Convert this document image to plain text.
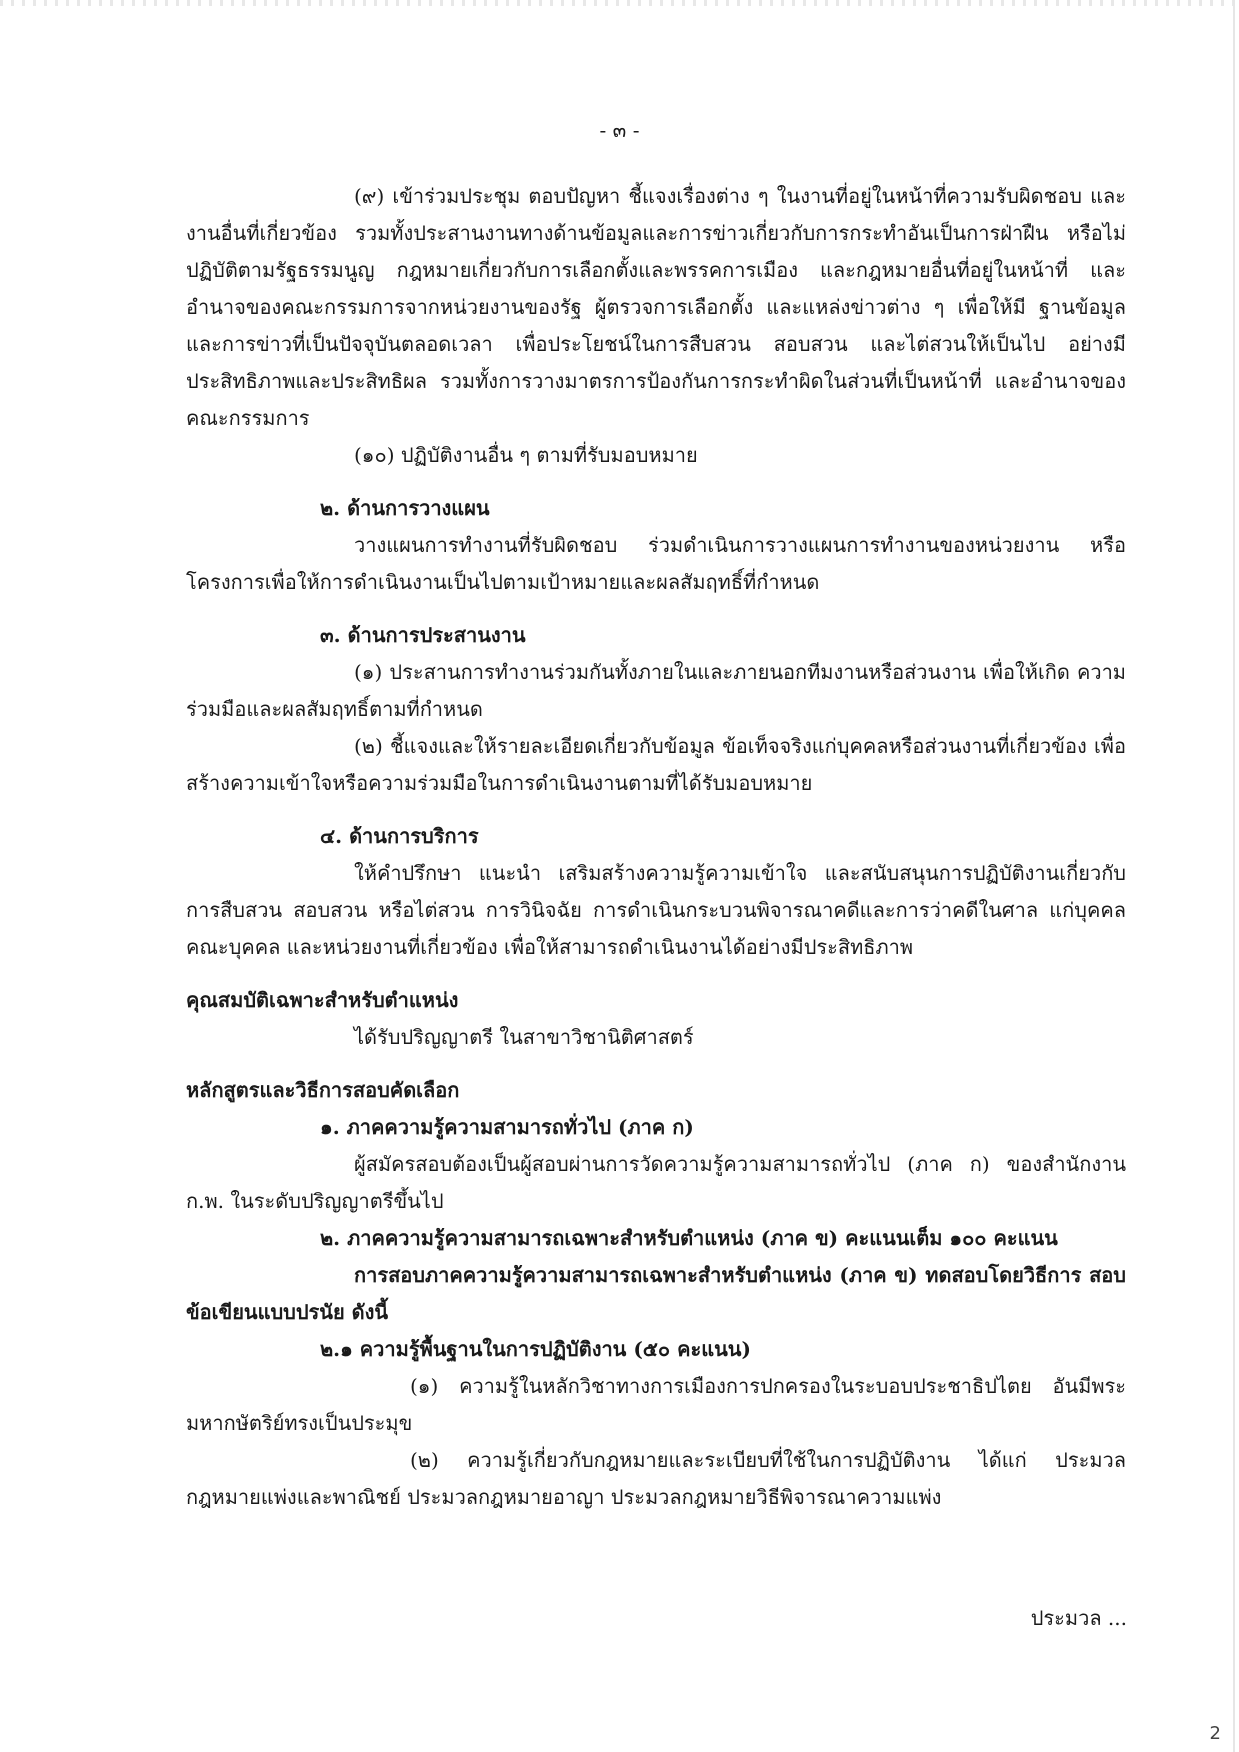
- ๓ -

(๙) เข้าร่วมประชุม ตอบปัญหา ชี้แจงเรื่องต่าง ๆ ในงานที่อยู่ในหน้าที่ความรับผิดชอบ และงานอื่นที่เกี่ยวข้อง รวมทั้งประสานงานทางด้านข้อมูลและการข่าวเกี่ยวกับการกระทำอันเป็นการฝ่าฝืน หรือไม่ปฏิบัติตามรัฐธรรมนูญ กฎหมายเกี่ยวกับการเลือกตั้งและพรรคการเมือง และกฎหมายอื่นที่อยู่ในหน้าที่ และอำนาจของคณะกรรมการจากหน่วยงานของรัฐ ผู้ตรวจการเลือกตั้ง และแหล่งข่าวต่าง ๆ เพื่อให้มี ฐานข้อมูลและการข่าวที่เป็นปัจจุบันตลอดเวลา เพื่อประโยชน์ในการสืบสวน สอบสวน และไต่สวนให้เป็นไป อย่างมีประสิทธิภาพและประสิทธิผล รวมทั้งการวางมาตรการป้องกันการกระทำผิดในส่วนที่เป็นหน้าที่ และอำนาจของคณะกรรมการ

(๑๐) ปฏิบัติงานอื่น ๆ ตามที่รับมอบหมาย

๒. ด้านการวางแผน

วางแผนการทำงานที่รับผิดชอบ ร่วมดำเนินการวางแผนการทำงานของหน่วยงาน หรือโครงการเพื่อให้การดำเนินงานเป็นไปตามเป้าหมายและผลสัมฤทธิ์ที่กำหนด

๓. ด้านการประสานงาน

(๑) ประสานการทำงานร่วมกันทั้งภายในและภายนอกทีมงานหรือส่วนงาน เพื่อให้เกิด ความร่วมมือและผลสัมฤทธิ์ตามที่กำหนด

(๒) ชี้แจงและให้รายละเอียดเกี่ยวกับข้อมูล ข้อเท็จจริงแก่บุคคลหรือส่วนงานที่เกี่ยวข้อง เพื่อสร้างความเข้าใจหรือความร่วมมือในการดำเนินงานตามที่ได้รับมอบหมาย

๔. ด้านการบริการ

ให้คำปรึกษา แนะนำ เสริมสร้างความรู้ความเข้าใจ และสนับสนุนการปฏิบัติงานเกี่ยวกับ การสืบสวน สอบสวน หรือไต่สวน การวินิจฉัย การดำเนินกระบวนพิจารณาคดีและการว่าคดีในศาล แก่บุคคล คณะบุคคล และหน่วยงานที่เกี่ยวข้อง เพื่อให้สามารถดำเนินงานได้อย่างมีประสิทธิภาพ

คุณสมบัติเฉพาะสำหรับตำแหน่ง

ได้รับปริญญาตรี ในสาขาวิชานิติศาสตร์

หลักสูตรและวิธีการสอบคัดเลือก

๑. ภาคความรู้ความสามารถทั่วไป (ภาค ก)

ผู้สมัครสอบต้องเป็นผู้สอบผ่านการวัดความรู้ความสามารถทั่วไป (ภาค ก) ของสำนักงาน ก.พ. ในระดับปริญญาตรีขึ้นไป

๒. ภาคความรู้ความสามารถเฉพาะสำหรับตำแหน่ง (ภาค ข) คะแนนเต็ม ๑๐๐ คะแนน

การสอบภาคความรู้ความสามารถเฉพาะสำหรับตำแหน่ง (ภาค ข) ทดสอบโดยวิธีการ สอบข้อเขียนแบบปรนัย ดังนี้

๒.๑ ความรู้พื้นฐานในการปฏิบัติงาน (๕๐ คะแนน)

(๑) ความรู้ในหลักวิชาทางการเมืองการปกครองในระบอบประชาธิปไตย อันมีพระมหากษัตริย์ทรงเป็นประมุข

(๒) ความรู้เกี่ยวกับกฎหมายและระเบียบที่ใช้ในการปฏิบัติงาน ได้แก่ ประมวลกฎหมายแพ่งและพาณิชย์ ประมวลกฎหมายอาญา ประมวลกฎหมายวิธีพิจารณาความแพ่ง

ประมวล ...
2
